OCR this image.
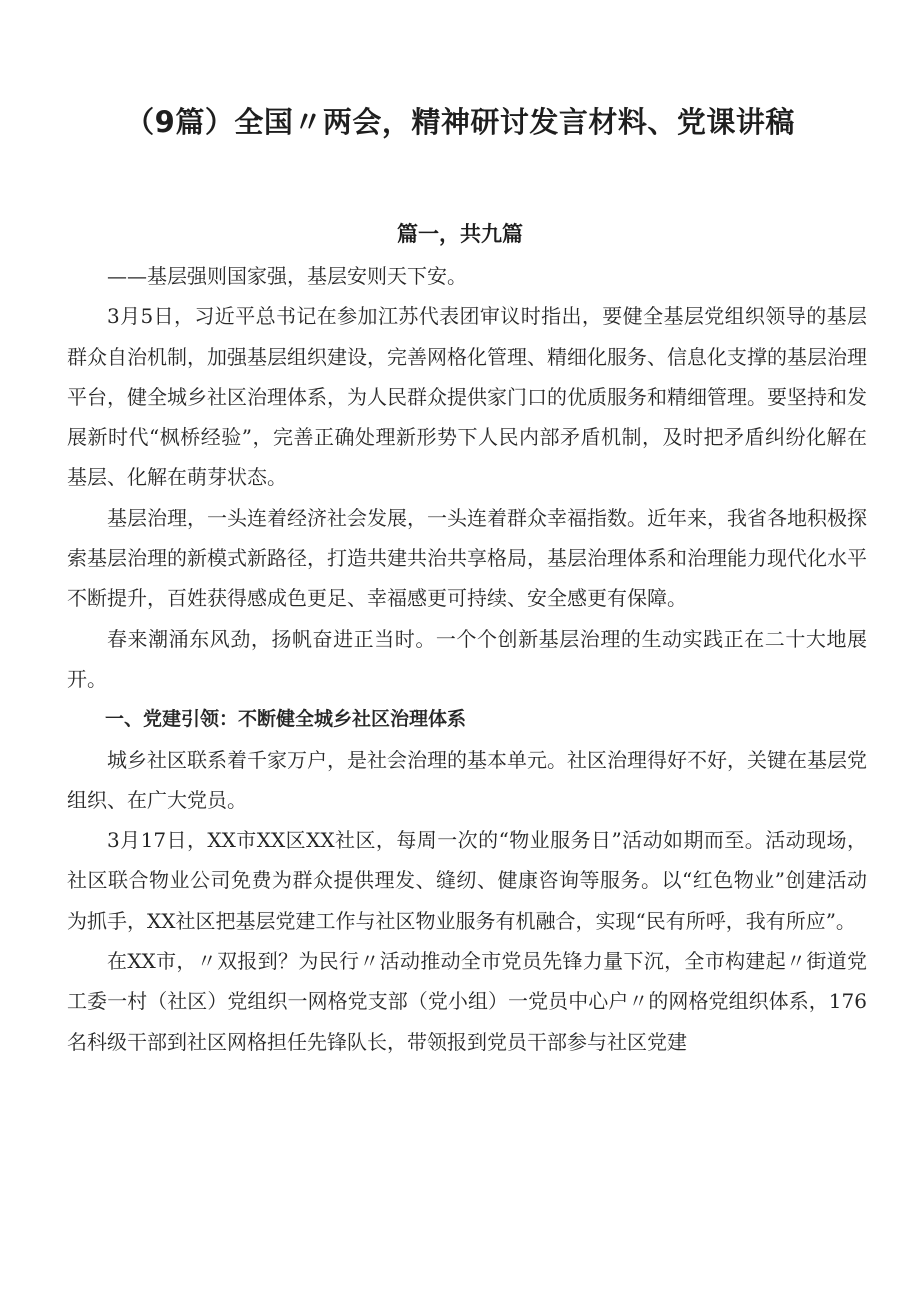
（9篇）全国〃两会，精神研讨发言材料、党课讲稿
篇一，共九篇

——基层强则国家强，基层安则天下安。

3月5日，习近平总书记在参加江苏代表团审议时指出，要健全基层党组织领导的基层群众自治机制，加强基层组织建设，完善网格化管理、精细化服务、信息化支撑的基层治理平台，健全城乡社区治理体系，为人民群众提供家门口的优质服务和精细管理。要坚持和发展新时代“枫桥经验”，完善正确处理新形势下人民内部矛盾机制，及时把矛盾纠纷化解在基层、化解在萌芽状态。

基层治理，一头连着经济社会发展，一头连着群众幸福指数。近年来，我省各地积极探索基层治理的新模式新路径，打造共建共治共享格局，基层治理体系和治理能力现代化水平不断提升，百姓获得感成色更足、幸福感更可持续、安全感更有保障。

春来潮涌东风劲，扬帆奋进正当时。一个个创新基层治理的生动实践正在二十大地展开。

一、党建引领：不断健全城乡社区治理体系

城乡社区联系着千家万户，是社会治理的基本单元。社区治理得好不好，关键在基层党组织、在广大党员。

3月17日，XX市XX区XX社区，每周一次的“物业服务日”活动如期而至。活动现场，社区联合物业公司免费为群众提供理发、缝纫、健康咨询等服务。以“红色物业”创建活动为抓手，XX社区把基层党建工作与社区物业服务有机融合，实现“民有所呼，我有所应”。

在XX市，〃双报到？为民行〃活动推动全市党员先锋力量下沉，全市构建起〃街道党工委一村（社区）党组织一网格党支部（党小组）一党员中心户〃的网格党组织体系，176名科级干部到社区网格担任先锋队长，带领报到党员干部参与社区党建
